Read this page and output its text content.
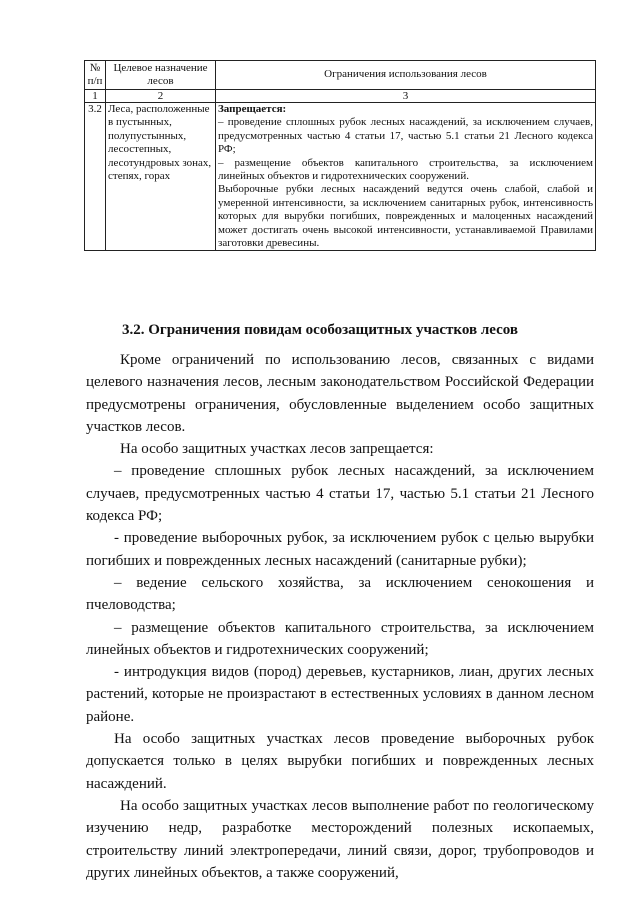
№ п/п	Целевое назначение лесов	Ограничения использования лесов
1	2	3
3.2	Леса, расположенные в пустынных, полупустынных, лесостепных, лесотундровых зонах, степях, горах	Запрещается:

– проведение сплошных рубок лесных насаждений, за исключением случаев, предусмотренных частью 4 статьи 17, частью 5.1 статьи 21 Лесного кодекса РФ;

– размещение объектов капитального строительства, за исключением линейных объектов и гидротехнических сооружений.

Выборочные рубки лесных насаждений ведутся очень слабой, слабой и умеренной интенсивности, за исключением санитарных рубок, интенсивность которых для вырубки погибших, поврежденных и малоценных насаждений может достигать очень высокой интенсивности, устанавливаемой Правилами заготовки древесины.

3.2. Ограничения повидам особозащитных участков лесов

Кроме ограничений по использованию лесов, связанных с видами целевого назначения лесов, лесным законодательством Российской Федерации предусмотрены ограничения, обусловленные выделением особо защитных участков лесов.

На особо защитных участках лесов запрещается:

– проведение сплошных рубок лесных насаждений, за исключением случаев, предусмотренных частью 4 статьи 17, частью 5.1 статьи 21 Лесного кодекса РФ;

- проведение выборочных рубок, за исключением рубок с целью вырубки погибших и поврежденных лесных насаждений (санитарные рубки);

– ведение сельского хозяйства, за исключением сенокошения и пчеловодства;

– размещение объектов капитального строительства, за исключением линейных объектов и гидротехнических сооружений;

- интродукция видов (пород) деревьев, кустарников, лиан, других лесных растений, которые не произрастают в естественных условиях в данном лесном районе.

На особо защитных участках лесов проведение выборочных рубок допускается только в целях вырубки погибших и поврежденных лесных насаждений.

На особо защитных участках лесов выполнение работ по геологическому изучению недр, разработке месторождений полезных ископаемых, строительству линий электропередачи, линий связи, дорог, трубопроводов и других линейных объектов, а также сооружений,
